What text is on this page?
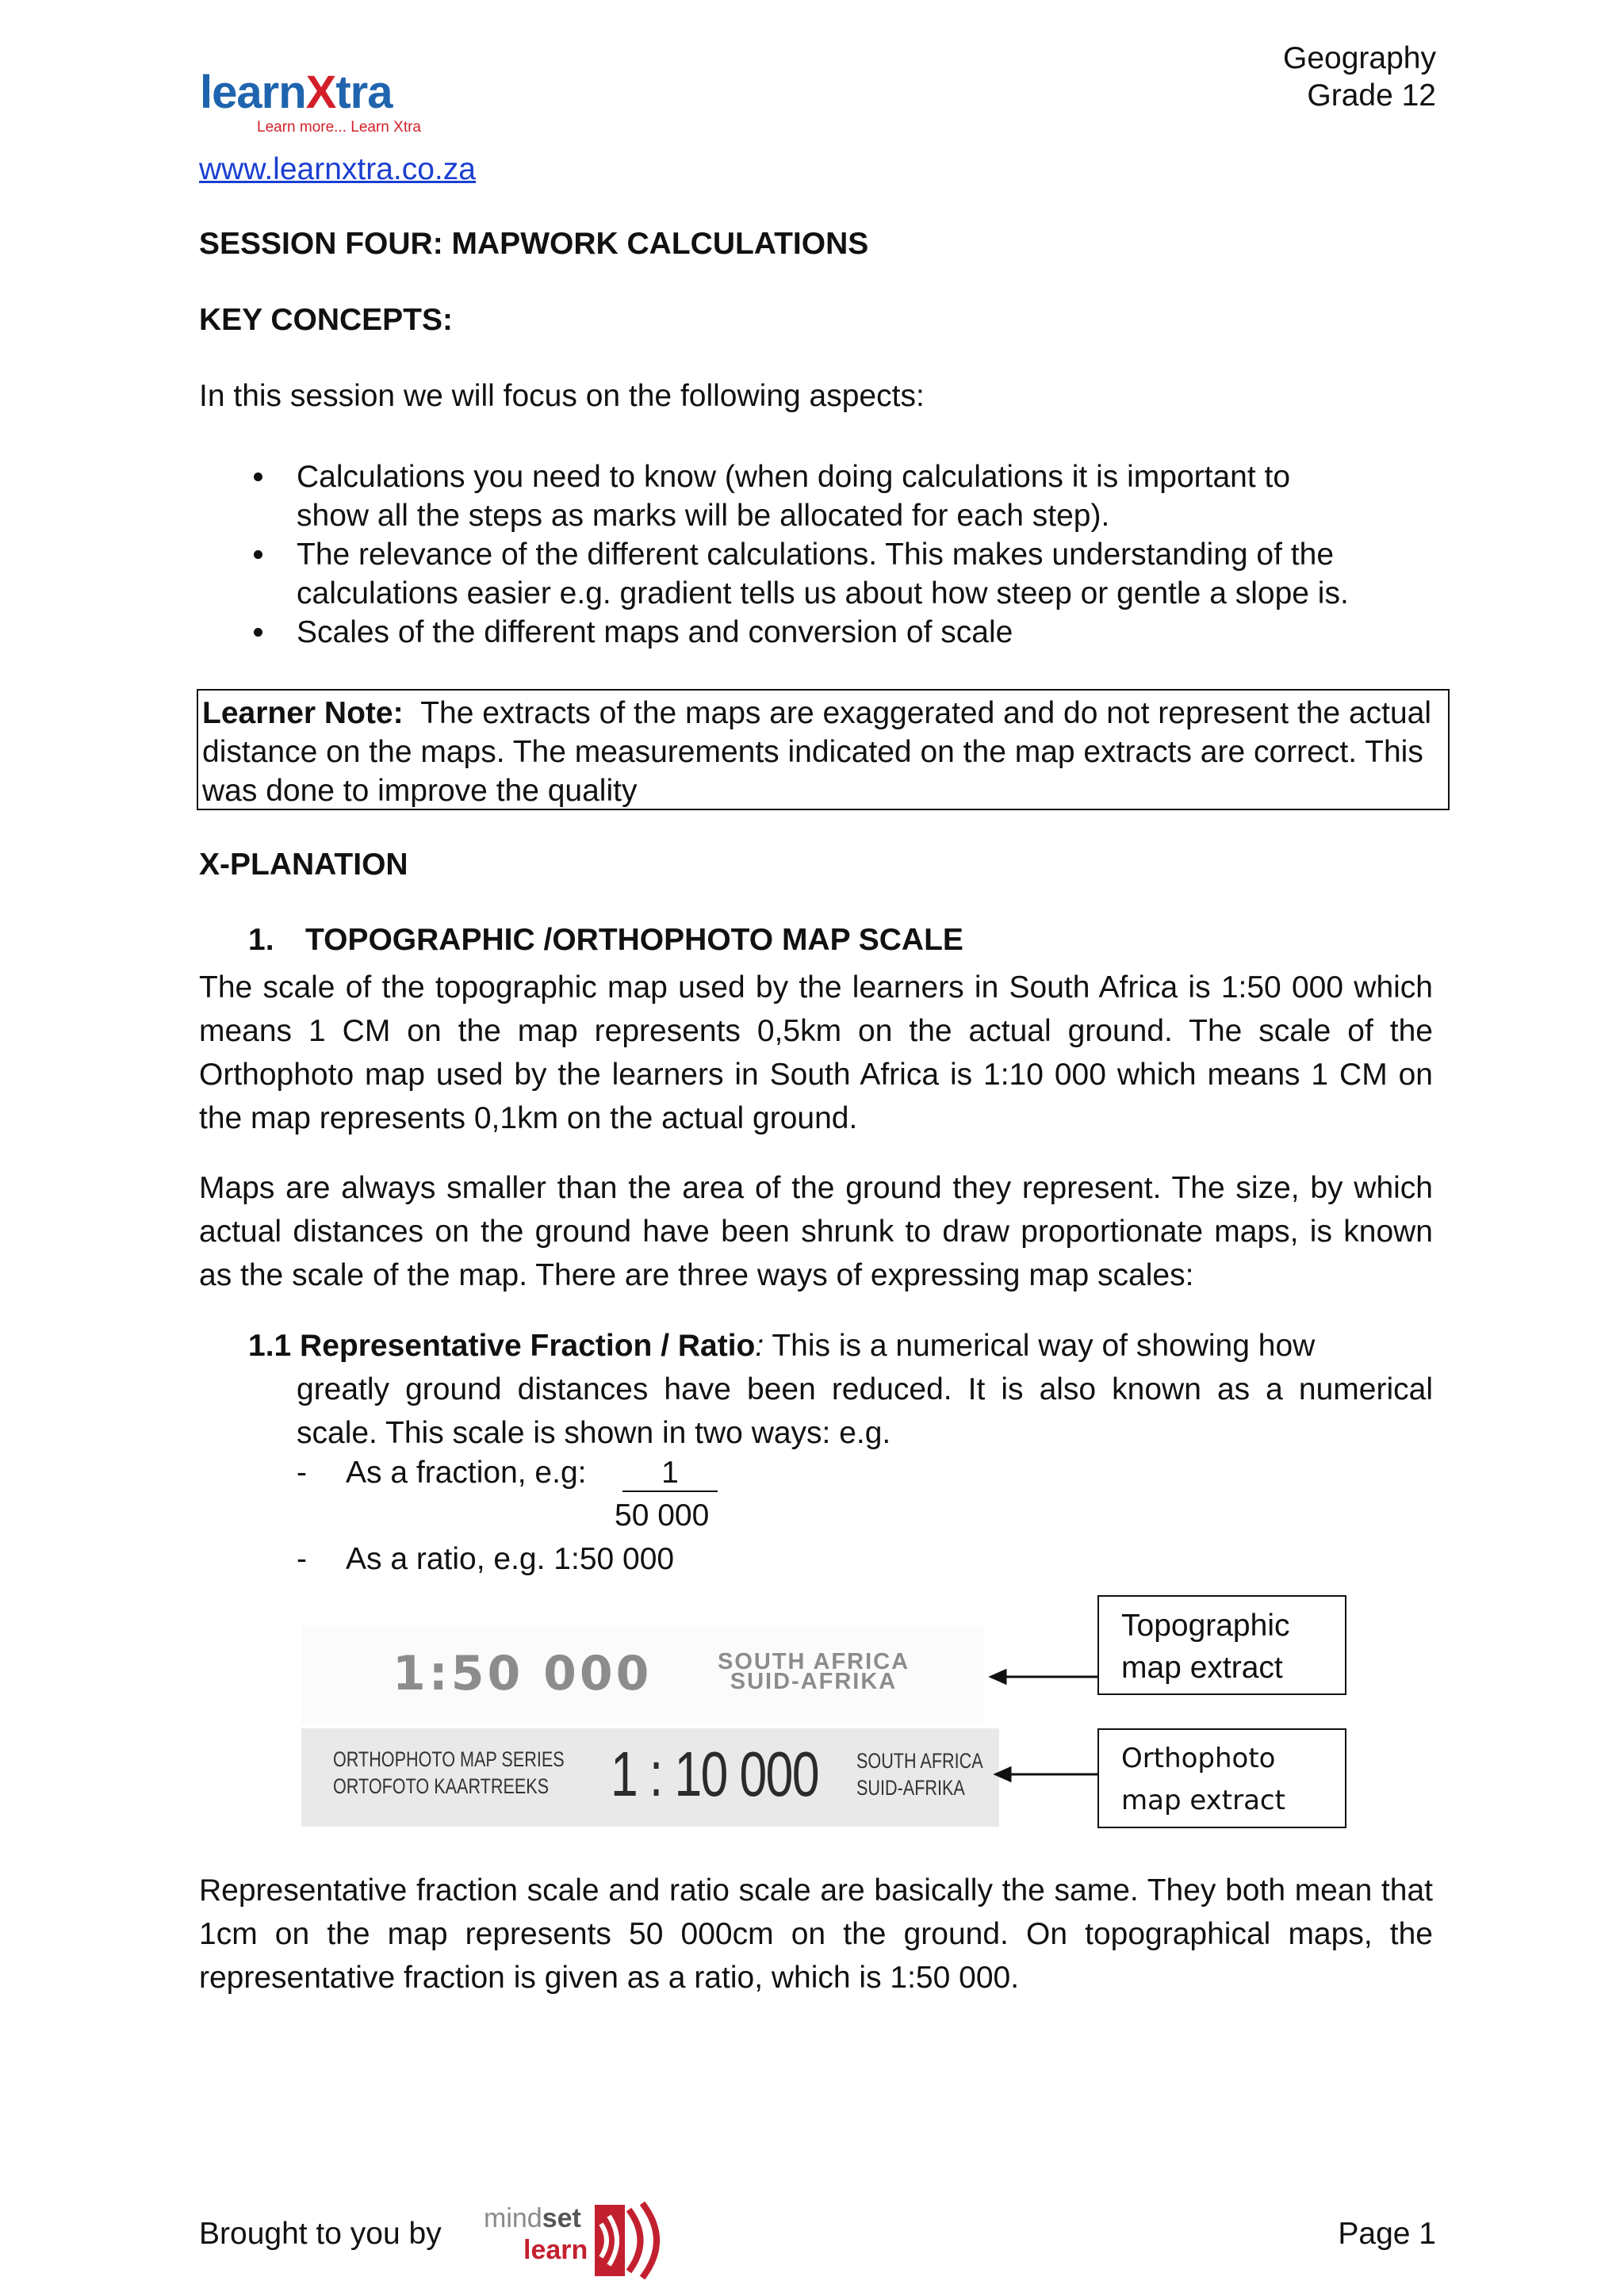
learnXtra
Learn more... Learn Xtra
Geography
Grade 12
www.learnxtra.co.za
SESSION FOUR: MAPWORK CALCULATIONS
KEY CONCEPTS:
In this session we will focus on the following aspects:
Calculations you need to know (when doing calculations it is important to
show all the steps as marks will be allocated for each step).
The relevance of the different calculations. This makes understanding of the
calculations easier e.g. gradient tells us about how steep or gentle a slope is.
Scales of the different maps and conversion of scale
Learner Note: The extracts of the maps are exaggerated and do not represent the actual distance on the maps. The measurements indicated on the map extracts are correct. This was done to improve the quality
X-PLANATION
1. TOPOGRAPHIC /ORTHOPHOTO MAP SCALE
The scale of the topographic map used by the learners in South Africa is 1:50 000 which means 1 CM on the map represents 0,5km on the actual ground. The scale of the Orthophoto map used by the learners in South Africa is 1:10 000 which means 1 CM on the map represents 0,1km on the actual ground.
Maps are always smaller than the area of the ground they represent. The size, by which actual distances on the ground have been shrunk to draw proportionate maps, is known as the scale of the map. There are three ways of expressing map scales:
1.1 Representative Fraction / Ratio: This is a numerical way of showing how
greatly ground distances have been reduced. It is also known as a numerical scale. This scale is shown in two ways: e.g.
- As a fraction, e.g:	1
50 000
- As a ratio, e.g. 1:50 000
1:50 000	SOUTH AFRICA
SUID-AFRIKA
ORTHOPHOTO MAP SERIES
ORTOFOTO KAARTREEKS 1 : 10 000 SOUTH AFRICA
SUID-AFRIKA
Topographic
map extract
Orthophoto
map extract
Representative fraction scale and ratio scale are basically the same. They both mean that 1cm on the map represents 50 000cm on the ground. On topographical maps, the representative fraction is given as a ratio, which is 1:50 000.
Brought to you by mindset
learn	Page 1
